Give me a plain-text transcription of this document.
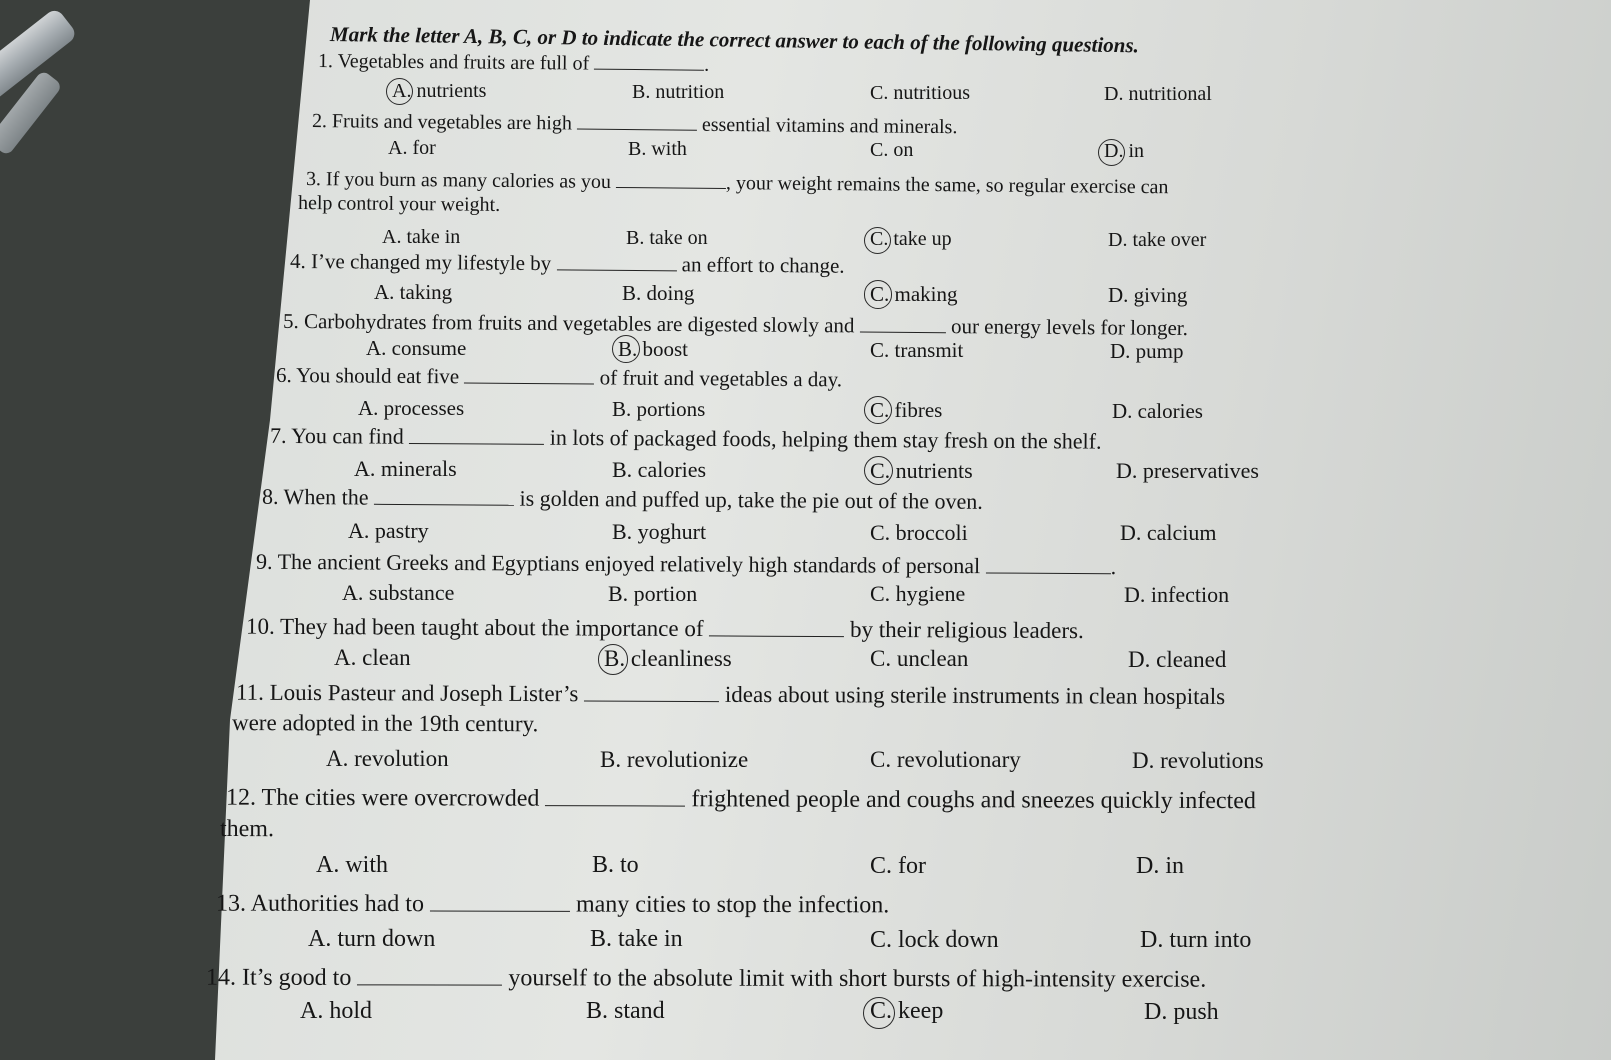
Mark the letter A, B, C, or D to indicate the correct answer to each of the following questions.
1. Vegetables and fruits are full of	.
A. nutrients	B. nutrition	C. nutritious	D. nutritional
2. Fruits and vegetables are high	essential vitamins and minerals.
A. for	B. with	C. on	D. in
3. If you burn as many calories as you	, your weight remains the same, so regular exercise can
help control your weight.
A. take in	B. take on	C. take up	D. take over
4. I’ve changed my lifestyle by	an effort to change.
A. taking	B. doing	C. making	D. giving
5. Carbohydrates from fruits and vegetables are digested slowly and	our energy levels for longer.
A. consume	B. boost	C. transmit	D. pump
6. You should eat five	of fruit and vegetables a day.
A. processes	B. portions	C. fibres	D. calories
7. You can find	in lots of packaged foods, helping them stay fresh on the shelf.
A. minerals	B. calories	C. nutrients	D. preservatives
8. When the	is golden and puffed up, take the pie out of the oven.
A. pastry	B. yoghurt	C. broccoli	D. calcium
9. The ancient Greeks and Egyptians enjoyed relatively high standards of personal	.
A. substance	B. portion	C. hygiene	D. infection
10. They had been taught about the importance of	by their religious leaders.
A. clean	B. cleanliness	C. unclean	D. cleaned
11. Louis Pasteur and Joseph Lister’s	ideas about using sterile instruments in clean hospitals
were adopted in the 19th century.
A. revolution	B. revolutionize	C. revolutionary	D. revolutions
12. The cities were overcrowded	frightened people and coughs and sneezes quickly infected
them.
A. with	B. to	C. for	D. in
13. Authorities had to	many cities to stop the infection.
A. turn down	B. take in	C. lock down	D. turn into
14. It’s good to	yourself to the absolute limit with short bursts of high-intensity exercise.
A. hold	B. stand	C. keep	D. push
